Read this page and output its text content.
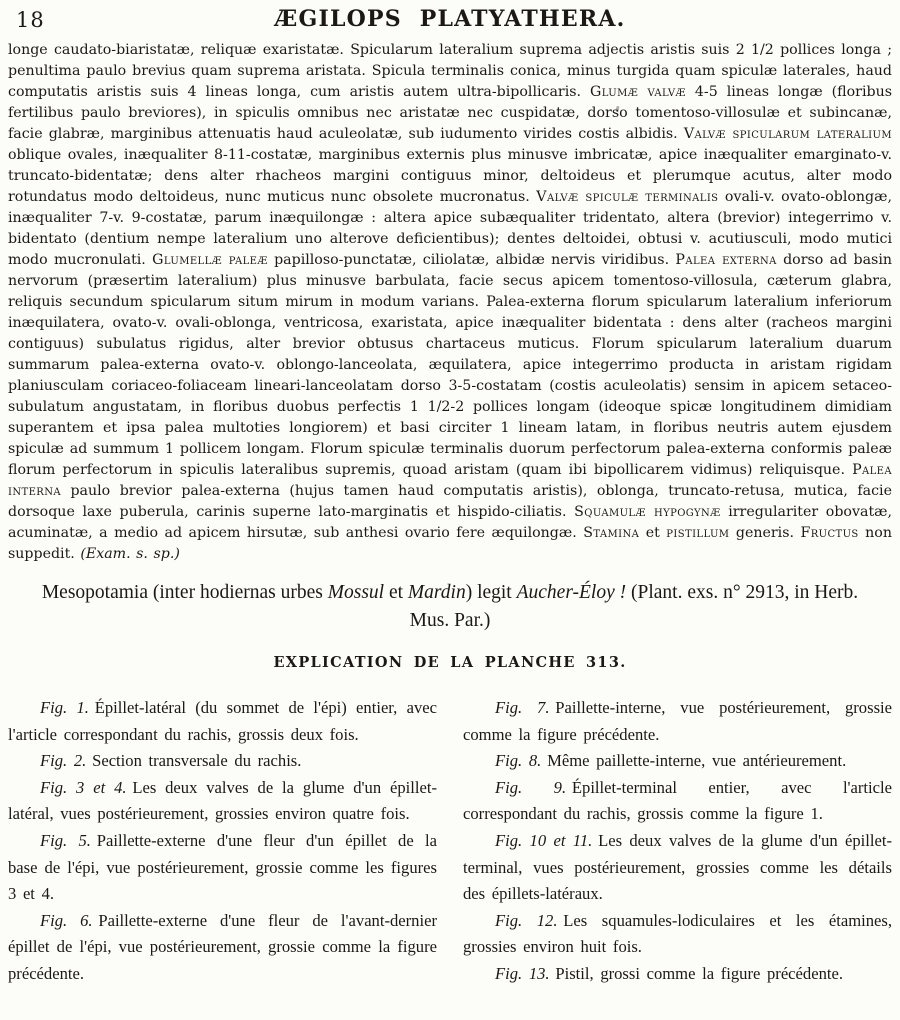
18	ÆGILOPS PLATYATHERA.
longe caudato-biaristatæ, reliquæ exaristatæ. Spicularum lateralium suprema adjectis aristis suis 2 1/2 pollices longa ; penultima paulo brevius quam suprema aristata. Spicula terminalis conica, minus turgida quam spiculæ laterales, haud computatis aristis suis 4 lineas longa, cum aristis autem ultra-bipollicaris. Glumæ valvæ 4-5 lineas longæ (floribus fertilibus paulo breviores), in spiculis omnibus nec aristatæ nec cuspidatæ, dorso tomentoso-villosulæ et subincanæ, facie glabræ, marginibus attenuatis haud aculeolatæ, sub iudumento virides costis albidis. Valvæ spicularum lateralium oblique ovales, inæqualiter 8-11-costatæ, marginibus externis plus minusve imbricatæ, apice inæqualiter emarginato-v. truncato-bidentatæ; dens alter rhacheos margini contiguus minor, deltoideus et plerumque acutus, alter modo rotundatus modo deltoideus, nunc muticus nunc obsolete mucronatus. Valvæ spiculæ terminalis ovali-v. ovato-oblongæ, inæqualiter 7-v. 9-costatæ, parum inæquilongæ : altera apice subæqualiter tridentato, altera (brevior) integerrimo v. bidentato (dentium nempe lateralium uno alterove deficientibus); dentes deltoidei, obtusi v. acutiusculi, modo mutici modo mucronulati. Glumellæ paleæ papilloso-punctatæ, ciliolatæ, albidæ nervis viridibus. Palea externa dorso ad basin nervorum (præsertim lateralium) plus minusve barbulata, facie secus apicem tomentoso-villosula, cæterum glabra, reliquis secundum spicularum situm mirum in modum varians. Palea-externa florum spicularum lateralium inferiorum inæquilatera, ovato-v. ovali-oblonga, ventricosa, exaristata, apice inæqualiter bidentata : dens alter (racheos margini contiguus) subulatus rigidus, alter brevior obtusus chartaceus muticus. Florum spicularum lateralium duarum summarum palea-externa ovato-v. oblongo-lanceolata, æquilatera, apice integerrimo producta in aristam rigidam planiusculam coriaceo-foliaceam lineari-lanceolatam dorso 3-5-costatam (costis aculeolatis) sensim in apicem setaceo-subulatum angustatam, in floribus duobus perfectis 1 1/2-2 pollices longam (ideoque spicæ longitudinem dimidiam superantem et ipsa palea multoties longiorem) et basi circiter 1 lineam latam, in floribus neutris autem ejusdem spiculæ ad summum 1 pollicem longam. Florum spiculæ terminalis duorum perfectorum palea-externa conformis paleæ florum perfectorum in spiculis lateralibus supremis, quoad aristam (quam ibi bipollicarem vidimus) reliquisque. Palea interna paulo brevior palea-externa (hujus tamen haud computatis aristis), oblonga, truncato-retusa, mutica, facie dorsoque laxe puberula, carinis superne lato-marginatis et hispido-ciliatis. Squamulæ hypogynæ irregulariter obovatæ, acuminatæ, a medio ad apicem hirsutæ, sub anthesi ovario fere æquilongæ. Stamina et pistillum generis. Fructus non suppedit. (Exam. s. sp.)
Mesopotamia (inter hodiernas urbes Mossul et Mardin) legit Aucher-Éloy ! (Plant. exs. n° 2913, in Herb. Mus. Par.)
EXPLICATION DE LA PLANCHE 313.

Fig. 1. Épillet-latéral (du sommet de l'épi) entier, avec l'article correspondant du rachis, grossis deux fois.

Fig. 2. Section transversale du rachis.

Fig. 3 et 4. Les deux valves de la glume d'un épillet-latéral, vues postérieurement, grossies environ quatre fois.

Fig. 5. Paillette-externe d'une fleur d'un épillet de la base de l'épi, vue postérieurement, grossie comme les figures 3 et 4.

Fig. 6. Paillette-externe d'une fleur de l'avant-dernier épillet de l'épi, vue postérieurement, grossie comme la figure précédente.

Fig. 7. Paillette-interne, vue postérieurement, grossie comme la figure précédente.

Fig. 8. Même paillette-interne, vue antérieurement.

Fig. 9. Épillet-terminal entier, avec l'article correspondant du rachis, grossis comme la figure 1.

Fig. 10 et 11. Les deux valves de la glume d'un épillet-terminal, vues postérieurement, grossies comme les détails des épillets-latéraux.

Fig. 12. Les squamules-lodiculaires et les étamines, grossies environ huit fois.

Fig. 13. Pistil, grossi comme la figure précédente.
